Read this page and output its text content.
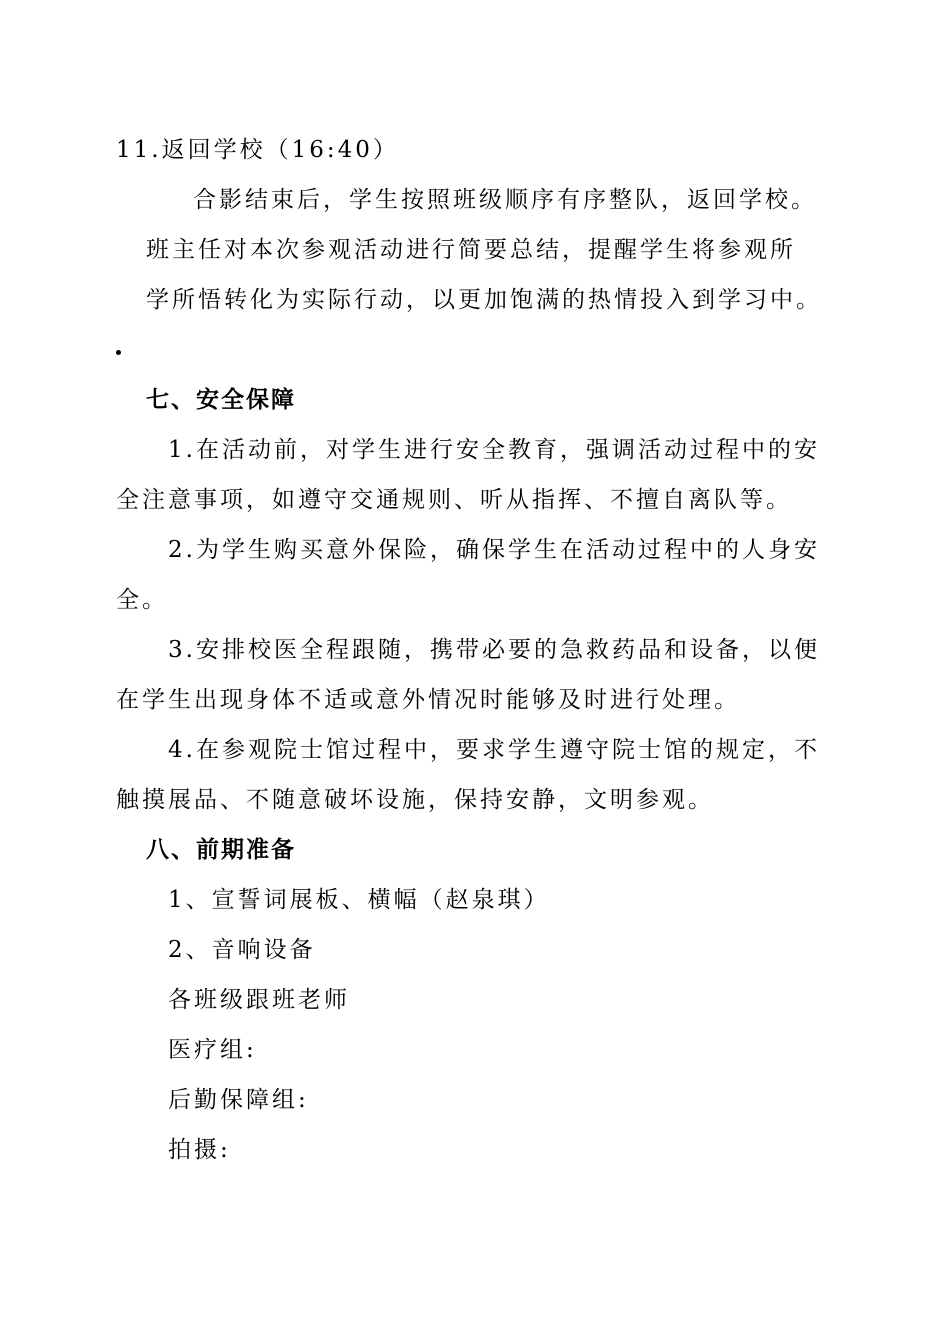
11.返回学校（16:40）
合影结束后，学生按照班级顺序有序整队，返回学校。
班主任对本次参观活动进行简要总结，提醒学生将参观所
学所悟转化为实际行动，以更加饱满的热情投入到学习中。
七、安全保障
1.在活动前，对学生进行安全教育，强调活动过程中的安
全注意事项，如遵守交通规则、听从指挥、不擅自离队等。
2.为学生购买意外保险，确保学生在活动过程中的人身安
全。
3.安排校医全程跟随，携带必要的急救药品和设备，以便
在学生出现身体不适或意外情况时能够及时进行处理。
4.在参观院士馆过程中，要求学生遵守院士馆的规定，不
触摸展品、不随意破坏设施，保持安静，文明参观。
八、前期准备
1、宣誓词展板、横幅（赵泉琪）
2、音响设备
各班级跟班老师
医疗组:
后勤保障组:
拍摄:
